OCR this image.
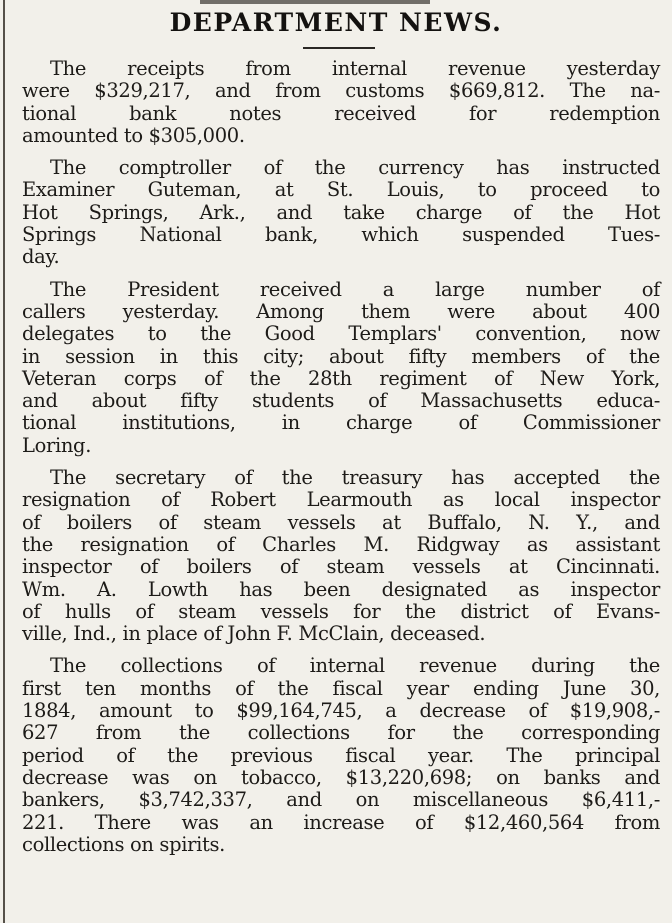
DEPARTMENT NEWS.
The receipts from internal revenue yesterday
were $329,217, and from customs $669,812. The na-
tional bank notes received for redemption
amounted to $305,000.
The comptroller of the currency has instructed
Examiner Guteman, at St. Louis, to proceed to
Hot Springs, Ark., and take charge of the Hot
Springs National bank, which suspended Tues-
day.
The President received a large number of
callers yesterday. Among them were about 400
delegates to the Good Templars' convention, now
in session in this city; about fifty members of the
Veteran corps of the 28th regiment of New York,
and about fifty students of Massachusetts educa-
tional institutions, in charge of Commissioner
Loring.
The secretary of the treasury has accepted the
resignation of Robert Learmouth as local inspector
of boilers of steam vessels at Buffalo, N. Y., and
the resignation of Charles M. Ridgway as assistant
inspector of boilers of steam vessels at Cincinnati.
Wm. A. Lowth has been designated as inspector
of hulls of steam vessels for the district of Evans-
ville, Ind., in place of John F. McClain, deceased.
The collections of internal revenue during the
first ten months of the fiscal year ending June 30,
1884, amount to $99,164,745, a decrease of $19,908,-
627 from the collections for the corresponding
period of the previous fiscal year. The principal
decrease was on tobacco, $13,220,698; on banks and
bankers, $3,742,337, and on miscellaneous $6,411,-
221. There was an increase of $12,460,564 from
collections on spirits.
